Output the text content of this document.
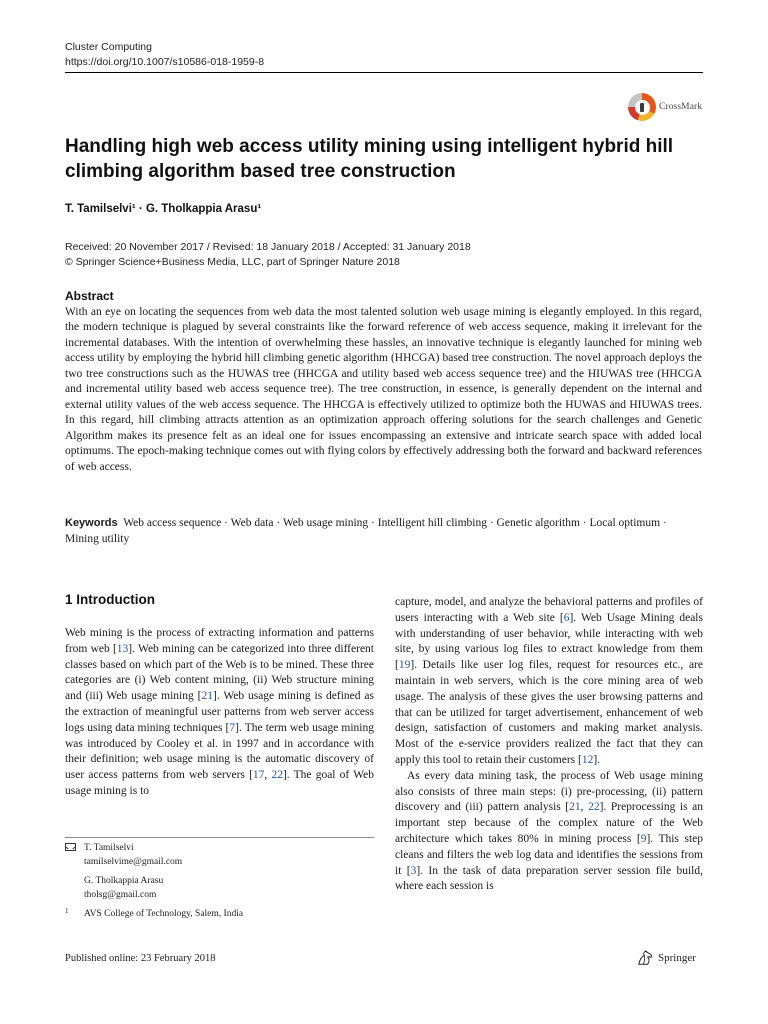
Cluster Computing
https://doi.org/10.1007/s10586-018-1959-8
CrossMark
Handling high web access utility mining using intelligent hybrid hill climbing algorithm based tree construction
T. Tamilselvi¹ · G. Tholkappia Arasu¹
Received: 20 November 2017 / Revised: 18 January 2018 / Accepted: 31 January 2018
© Springer Science+Business Media, LLC, part of Springer Nature 2018
Abstract

With an eye on locating the sequences from web data the most talented solution web usage mining is elegantly employed. In this regard, the modern technique is plagued by several constraints like the forward reference of web access sequence, making it irrelevant for the incremental databases. With the intention of overwhelming these hassles, an innovative technique is elegantly launched for mining web access utility by employing the hybrid hill climbing genetic algorithm (HHCGA) based tree construction. The novel approach deploys the two tree constructions such as the HUWAS tree (HHCGA and utility based web access sequence tree) and the HIUWAS tree (HHCGA and incremental utility based web access sequence tree). The tree construction, in essence, is generally dependent on the internal and external utility values of the web access sequence. The HHCGA is effectively utilized to optimize both the HUWAS and HIUWAS trees. In this regard, hill climbing attracts attention as an optimization approach offering solutions for the search challenges and Genetic Algorithm makes its presence felt as an ideal one for issues encompassing an extensive and intricate search space with added local optimums. The epoch-making technique comes out with flying colors by effectively addressing both the forward and backward references of web access.

Keywords Web access sequence · Web data · Web usage mining · Intelligent hill climbing · Genetic algorithm · Local optimum · Mining utility
1 Introduction

Web mining is the process of extracting information and patterns from web [13]. Web mining can be categorized into three different classes based on which part of the Web is to be mined. These three categories are (i) Web content mining, (ii) Web structure mining and (iii) Web usage mining [21]. Web usage mining is defined as the extraction of meaningful user patterns from web server access logs using data mining techniques [7]. The term web usage mining was introduced by Cooley et al. in 1997 and in accordance with their definition; web usage mining is the automatic discovery of user access patterns from web servers [17, 22]. The goal of Web usage mining is to

capture, model, and analyze the behavioral patterns and profiles of users interacting with a Web site [6]. Web Usage Mining deals with understanding of user behavior, while interacting with web site, by using various log files to extract knowledge from them [19]. Details like user log files, request for resources etc., are maintain in web servers, which is the core mining area of web usage. The analysis of these gives the user browsing patterns and that can be utilized for target advertisement, enhancement of web design, satisfaction of customers and making market analysis. Most of the e-service providers realized the fact that they can apply this tool to retain their customers [12].

As every data mining task, the process of Web usage mining also consists of three main steps: (i) pre-processing, (ii) pattern discovery and (iii) pattern analysis [21, 22]. Preprocessing is an important step because of the complex nature of the Web architecture which takes 80% in mining process [9]. This step cleans and filters the web log data and identifies the sessions from it [3]. In the task of data preparation server session file build, where each session is

T. Tamilselvi
tamilselvime@gmail.com
G. Tholkappia Arasu
tholsg@gmail.com
$^1$	AVS College of Technology, Salem, India
Published online: 23 February 2018	Springer
